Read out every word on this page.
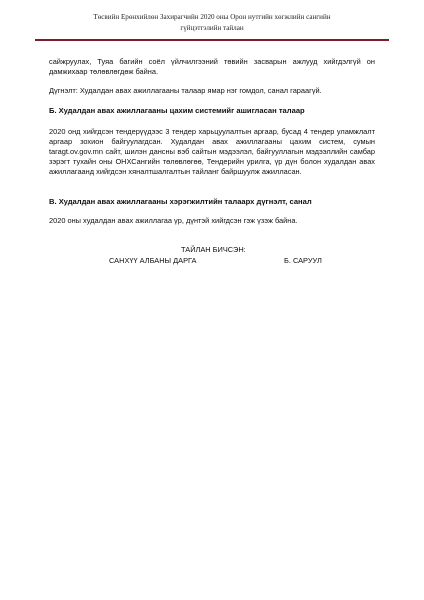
Төсвийн Ерөнхийлөн Захирагчийн 2020 оны Орон нутгийн хөгжлийн сангийн
гүйцэтгэлийн тайлан
сайжруулах, Туяа багийн соёл үйлчилгээний төвийн засварын ажлууд хийгдэлгүй он дамжихаар төлөвлөгдөж байна.
Дүгнэлт: Худалдан авах ажиллагааны талаар ямар нэг гомдол, санал гараагүй.
Б. Худалдан авах ажиллагааны цахим системийг ашигласан талаар
2020 онд хийгдсэн тендерүүдээс 3 тендер харьцуулалтын аргаар, бусад 4 тендер уламжлалт аргаар зохион байгуулагдсан. Худалдан авах ажиллагааны цахим систем, сумын taragt.ov.gov.mn сайт, шилэн дансны вэб сайтын мэдээлэл, байгууллагын мэдээллийн самбар зэрэгт тухайн оны ОНХСангийн төлөвлөгөө, Тендерийн урилга, үр дүн болон худалдан авах ажиллагаанд хийгдсэн хяналтшалгалтын тайланг байршуулж ажилласан.
В. Худалдан авах ажиллагааны хэрэгжилтийн талаарх дүгнэлт, санал
2020 оны худалдан авах ажиллагаа үр, дүнтэй хийгдсэн гэж үзэж байна.
ТАЙЛАН БИЧСЭН:
САНХҮҮ АЛБАНЫ ДАРГА	Б. САРУУЛ
